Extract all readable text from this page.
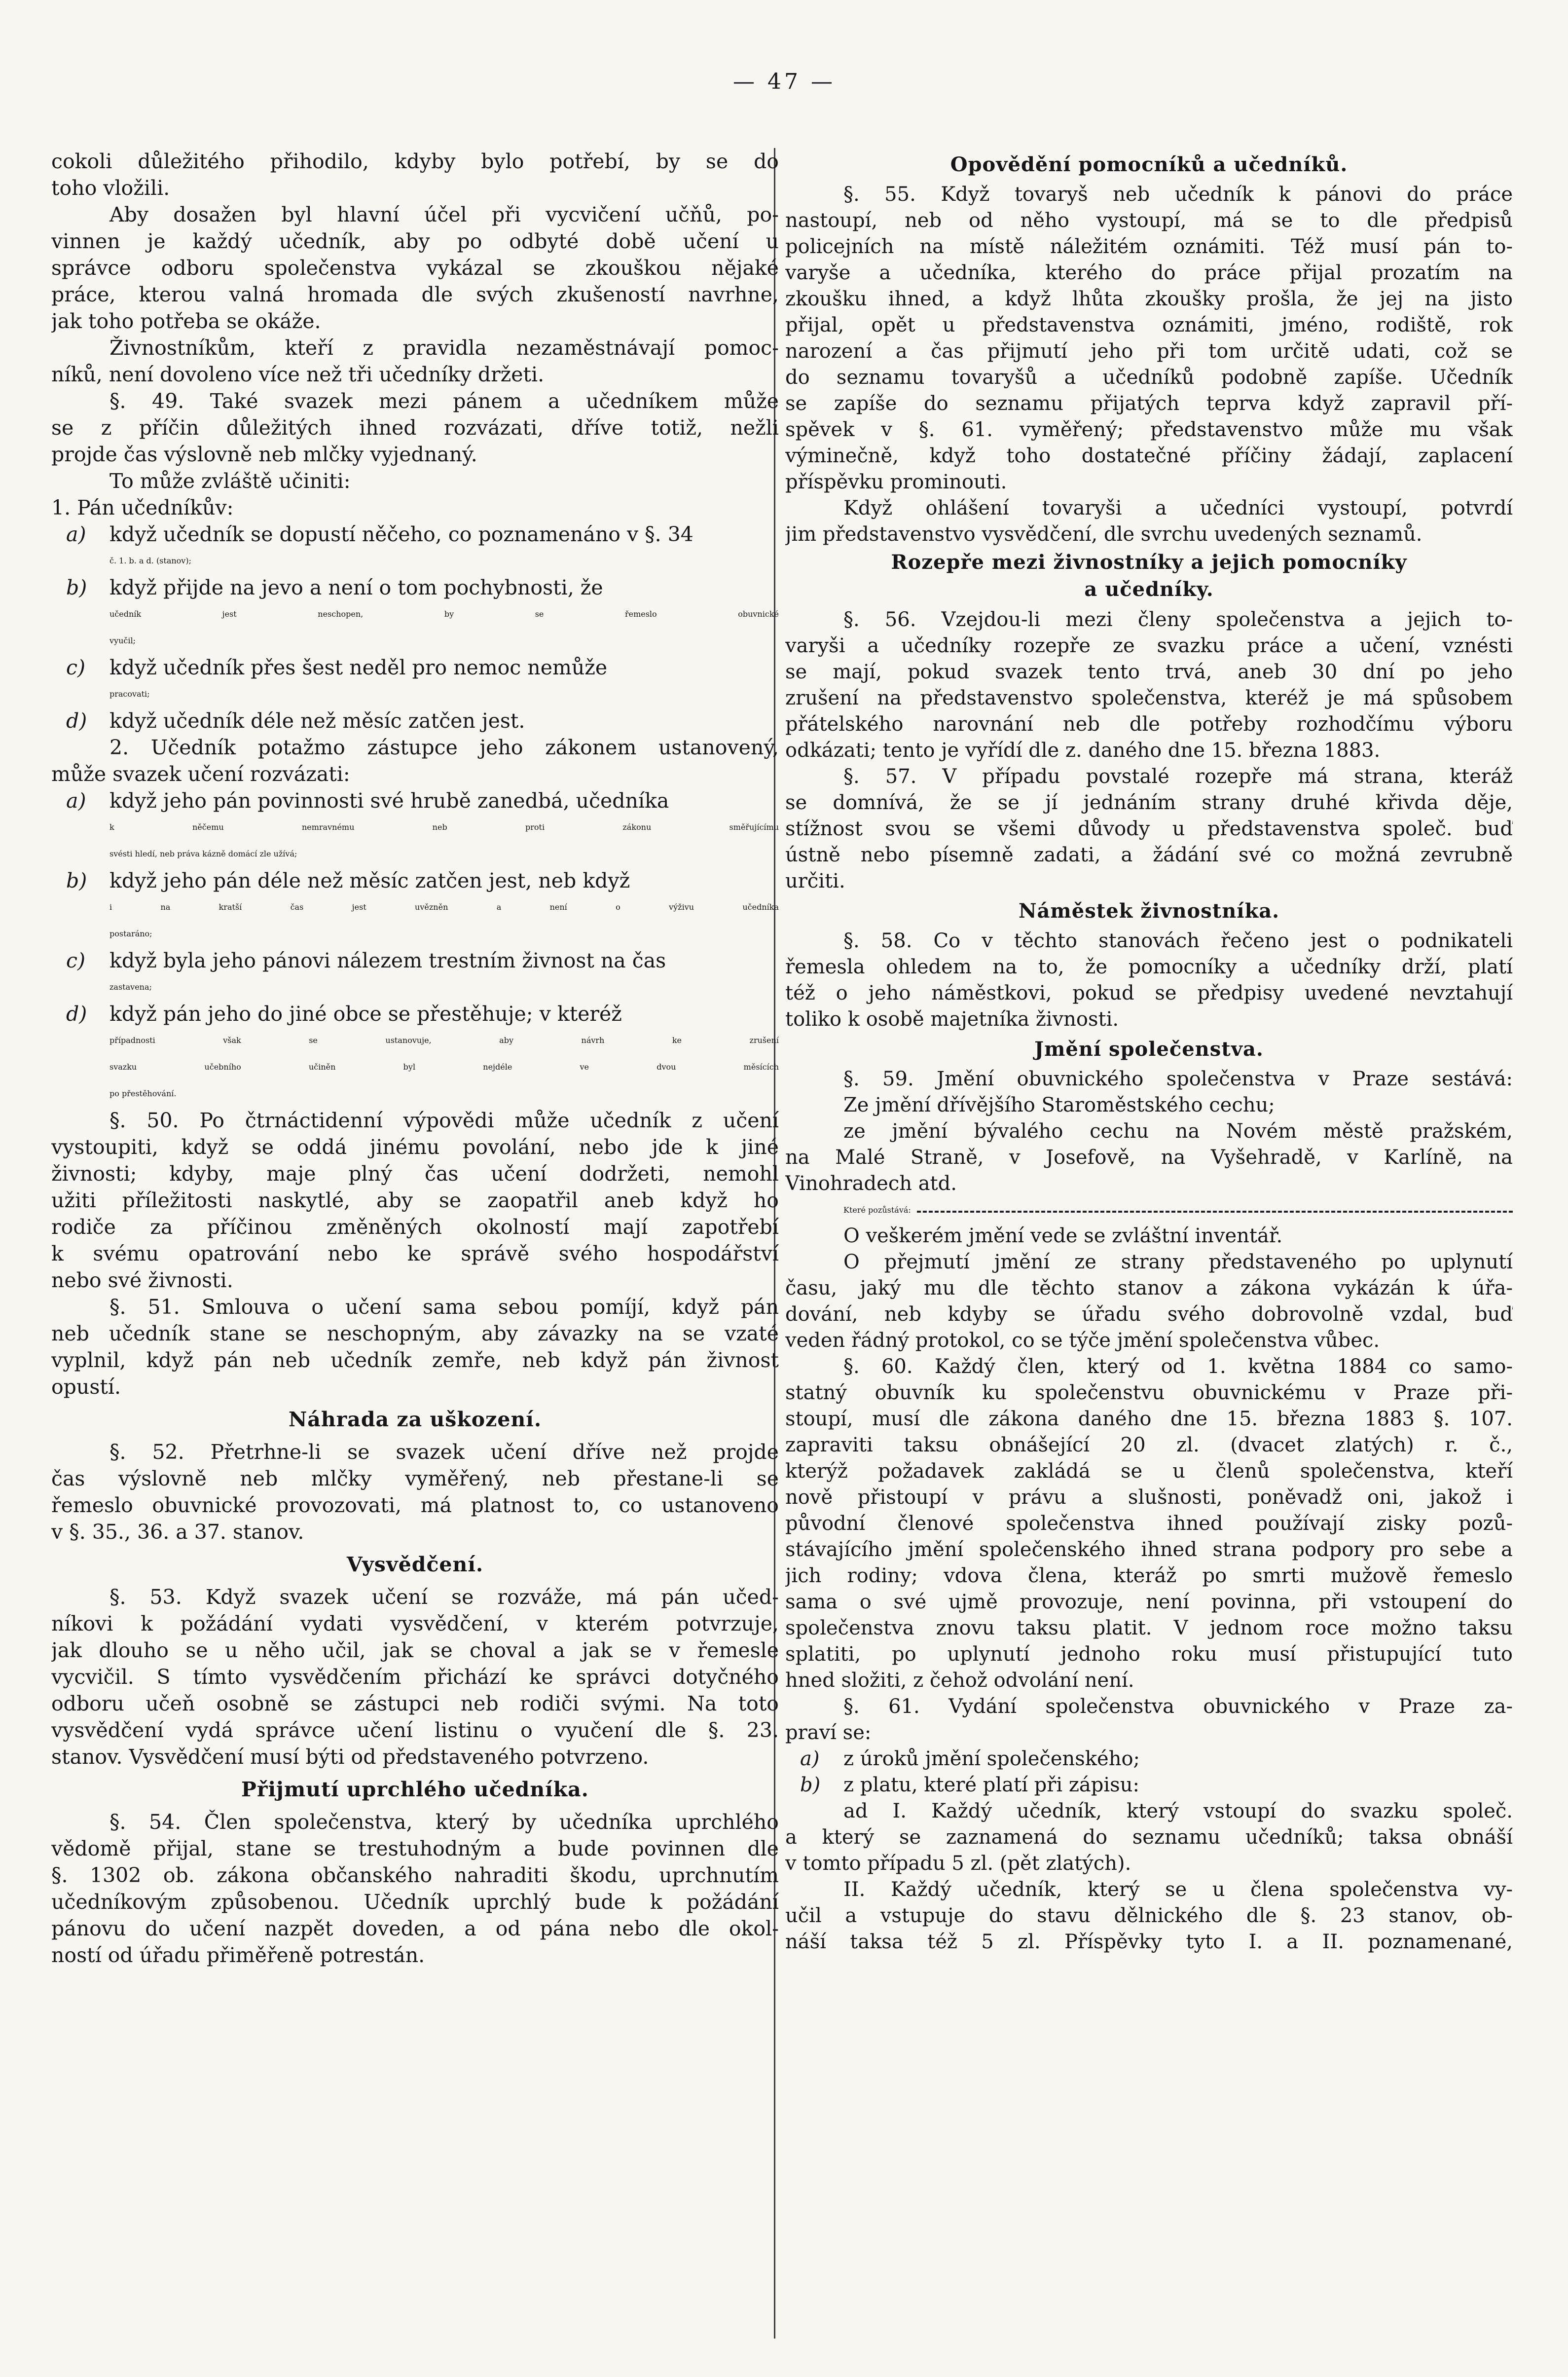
— 47 —
cokoli důležitého přihodilo, kdyby bylo potřebí, by se do
toho vložili.
Aby dosažen byl hlavní účel při vycvičení učňů, po-
vinnen je každý učedník, aby po odbyté době učení u
správce odboru společenstva vykázal se zkouškou nějaké
práce, kterou valná hromada dle svých zkušeností navrhne,
jak toho potřeba se okáže.
Živnostníkům, kteří z pravidla nezaměstnávají pomoc-
níků, není dovoleno více než tři učedníky držeti.
§. 49. Také svazek mezi pánem a učedníkem může
se z příčin důležitých ihned rozvázati, dříve totiž, nežli
projde čas výslovně neb mlčky vyjednaný.
To může zvláště učiniti:
1. Pán učedníkův:
a)	když učedník se dopustí něčeho, co poznamenáno v §. 34
č. 1. b. a d. (stanov);
b)	když přijde na jevo a není o tom pochybnosti, že
učedník jest neschopen, by se řemeslo obuvnické
vyučil;
c)	když učedník přes šest neděl pro nemoc nemůže
pracovati;
d)	když učedník déle než měsíc zatčen jest.
2. Učedník potažmo zástupce jeho zákonem ustanovený,
může svazek učení rozvázati:
a)	když jeho pán povinnosti své hrubě zanedbá, učedníka
k něčemu nemravnému neb proti zákonu směřujícímu
svésti hledí, neb práva kázně domácí zle užívá;
b)	když jeho pán déle než měsíc zatčen jest, neb když
i na kratší čas jest uvězněn a není o výživu učedníka
postaráno;
c)	když byla jeho pánovi nálezem trestním živnost na čas
zastavena;
d)	když pán jeho do jiné obce se přestěhuje; v kteréž
případnosti však se ustanovuje, aby návrh ke zrušení
svazku učebního učiněn byl nejdéle ve dvou měsících
po přestěhování.
§. 50. Po čtrnáctidenní výpovědi může učedník z učení
vystoupiti, když se oddá jinému povolání, nebo jde k jiné
živnosti; kdyby, maje plný čas učení dodržeti, nemohl
užiti příležitosti naskytlé, aby se zaopatřil aneb když ho
rodiče za příčinou změněných okolností mají zapotřebí
k svému opatrování nebo ke správě svého hospodářství
nebo své živnosti.
§. 51. Smlouva o učení sama sebou pomíjí, když pán
neb učedník stane se neschopným, aby závazky na se vzaté
vyplnil, když pán neb učedník zemře, neb když pán živnost
opustí.
Náhrada za uškození.
§. 52. Přetrhne-li se svazek učení dříve než projde
čas výslovně neb mlčky vyměřený, neb přestane-li se
řemeslo obuvnické provozovati, má platnost to, co ustanoveno
v §. 35., 36. a 37. stanov.
Vysvědčení.
§. 53. Když svazek učení se rozváže, má pán učed-
níkovi k požádání vydati vysvědčení, v kterém potvrzuje,
jak dlouho se u něho učil, jak se choval a jak se v řemesle
vycvičil. S tímto vysvědčením přichází ke správci dotyčného
odboru učeň osobně se zástupci neb rodiči svými. Na toto
vysvědčení vydá správce učení listinu o vyučení dle §. 23.
stanov. Vysvědčení musí býti od představeného potvrzeno.
Přijmutí uprchlého učedníka.
§. 54. Člen společenstva, který by učedníka uprchlého
vědomě přijal, stane se trestuhodným a bude povinnen dle
§. 1302 ob. zákona občanského nahraditi škodu, uprchnutím
učedníkovým způsobenou. Učedník uprchlý bude k požádání
pánovu do učení nazpět doveden, a od pána nebo dle okol-
ností od úřadu přiměřeně potrestán.
Opovědění pomocníků a učedníků.
§. 55. Když tovaryš neb učedník k pánovi do práce
nastoupí, neb od něho vystoupí, má se to dle předpisů
policejních na místě náležitém oznámiti. Též musí pán to-
varyše a učedníka, kterého do práce přijal prozatím na
zkoušku ihned, a když lhůta zkoušky prošla, že jej na jisto
přijal, opět u představenstva oznámiti, jméno, rodiště, rok
narození a čas přijmutí jeho při tom určitě udati, což se
do seznamu tovaryšů a učedníků podobně zapíše. Učedník
se zapíše do seznamu přijatých teprva když zapravil pří-
spěvek v §. 61. vyměřený; představenstvo může mu však
výminečně, když toho dostatečné příčiny žádají, zaplacení
příspěvku prominouti.
Když ohlášení tovaryši a učedníci vystoupí, potvrdí
jim představenstvo vysvědčení, dle svrchu uvedených seznamů.
Rozepře mezi živnostníky a jejich pomocníky
a učedníky.
§. 56. Vzejdou-li mezi členy společenstva a jejich to-
varyši a učedníky rozepře ze svazku práce a učení, vznésti
se mají, pokud svazek tento trvá, aneb 30 dní po jeho
zrušení na představenstvo společenstva, kteréž je má spůsobem
přátelského narovnání neb dle potřeby rozhodčímu výboru
odkázati; tento je vyřídí dle z. daného dne 15. března 1883.
§. 57. V případu povstalé rozepře má strana, kteráž
se domnívá, že se jí jednáním strany druhé křivda děje,
stížnost svou se všemi důvody u představenstva společ. buď
ústně nebo písemně zadati, a žádání své co možná zevrubně
určiti.
Náměstek živnostníka.
§. 58. Co v těchto stanovách řečeno jest o podnikateli
řemesla ohledem na to, že pomocníky a učedníky drží, platí
též o jeho náměstkovi, pokud se předpisy uvedené nevztahují
toliko k osobě majetníka živnosti.
Jmění společenstva.
§. 59. Jmění obuvnického společenstva v Praze sestává:
Ze jmění dřívějšího Staroměstského cechu;
ze jmění bývalého cechu na Novém městě pražském,
na Malé Straně, v Josefově, na Vyšehradě, v Karlíně, na
Vinohradech atd.
Které pozůstává:
O veškerém jmění vede se zvláštní inventář.
O přejmutí jmění ze strany představeného po uplynutí
času, jaký mu dle těchto stanov a zákona vykázán k úřa-
dování, neb kdyby se úřadu svého dobrovolně vzdal, buď
veden řádný protokol, co se týče jmění společenstva vůbec.
§. 60. Každý člen, který od 1. května 1884 co samo-
statný obuvník ku společenstvu obuvnickému v Praze při-
stoupí, musí dle zákona daného dne 15. března 1883 §. 107.
zapraviti taksu obnášející 20 zl. (dvacet zlatých) r. č.,
kterýž požadavek zakládá se u členů společenstva, kteří
nově přistoupí v právu a slušnosti, poněvadž oni, jakož i
původní členové společenstva ihned používají zisky pozů-
stávajícího jmění společenského ihned strana podpory pro sebe a
jich rodiny; vdova člena, kteráž po smrti mužově řemeslo
sama o své ujmě provozuje, není povinna, při vstoupení do
společenstva znovu taksu platit. V jednom roce možno taksu
splatiti, po uplynutí jednoho roku musí přistupující tuto
hned složiti, z čehož odvolání není.
§. 61. Vydání společenstva obuvnického v Praze za-
praví se:
a)	z úroků jmění společenského;
b)	z platu, které platí při zápisu:
ad I. Každý učedník, který vstoupí do svazku společ.
a který se zaznamená do seznamu učedníků; taksa obnáší
v tomto případu 5 zl. (pět zlatých).
II. Každý učedník, který se u člena společenstva vy-
učil a vstupuje do stavu dělnického dle §. 23 stanov, ob-
náší taksa též 5 zl. Příspěvky tyto I. a II. poznamenané,
